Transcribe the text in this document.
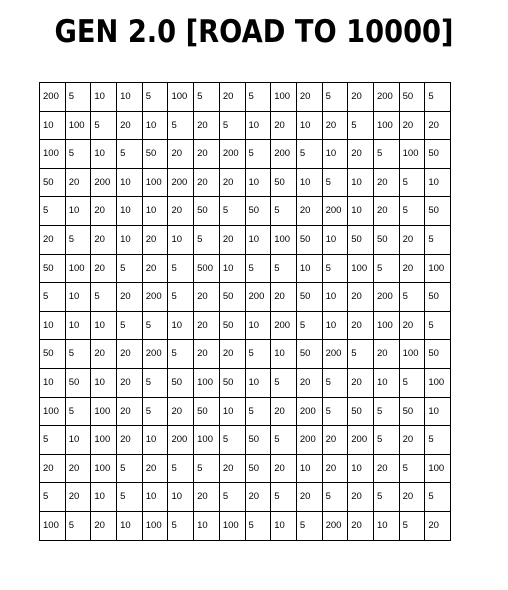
GEN 2.0 [ROAD TO 10000]
200	5	10	10	5	100	5	20	5	100	20	5	20	200	50	5
10	100	5	20	10	5	20	5	10	20	10	20	5	100	20	20
100	5	10	5	50	20	20	200	5	200	5	10	20	5	100	50
50	20	200	10	100	200	20	20	10	50	10	5	10	20	5	10
5	10	20	10	10	20	50	5	50	5	20	200	10	20	5	50
20	5	20	10	20	10	5	20	10	100	50	10	50	50	20	5
50	100	20	5	20	5	500	10	5	5	10	5	100	5	20	100
5	10	5	20	200	5	20	50	200	20	50	10	20	200	5	50
10	10	10	5	5	10	20	50	10	200	5	10	20	100	20	5
50	5	20	20	200	5	20	20	5	10	50	200	5	20	100	50
10	50	10	20	5	50	100	50	10	5	20	5	20	10	5	100
100	5	100	20	5	20	50	10	5	20	200	5	50	5	50	10
5	10	100	20	10	200	100	5	50	5	200	20	200	5	20	5
20	20	100	5	20	5	5	20	50	20	10	20	10	20	5	100
5	20	10	5	10	10	20	5	20	5	20	5	20	5	20	5
100	5	20	10	100	5	10	100	5	10	5	200	20	10	5	20
